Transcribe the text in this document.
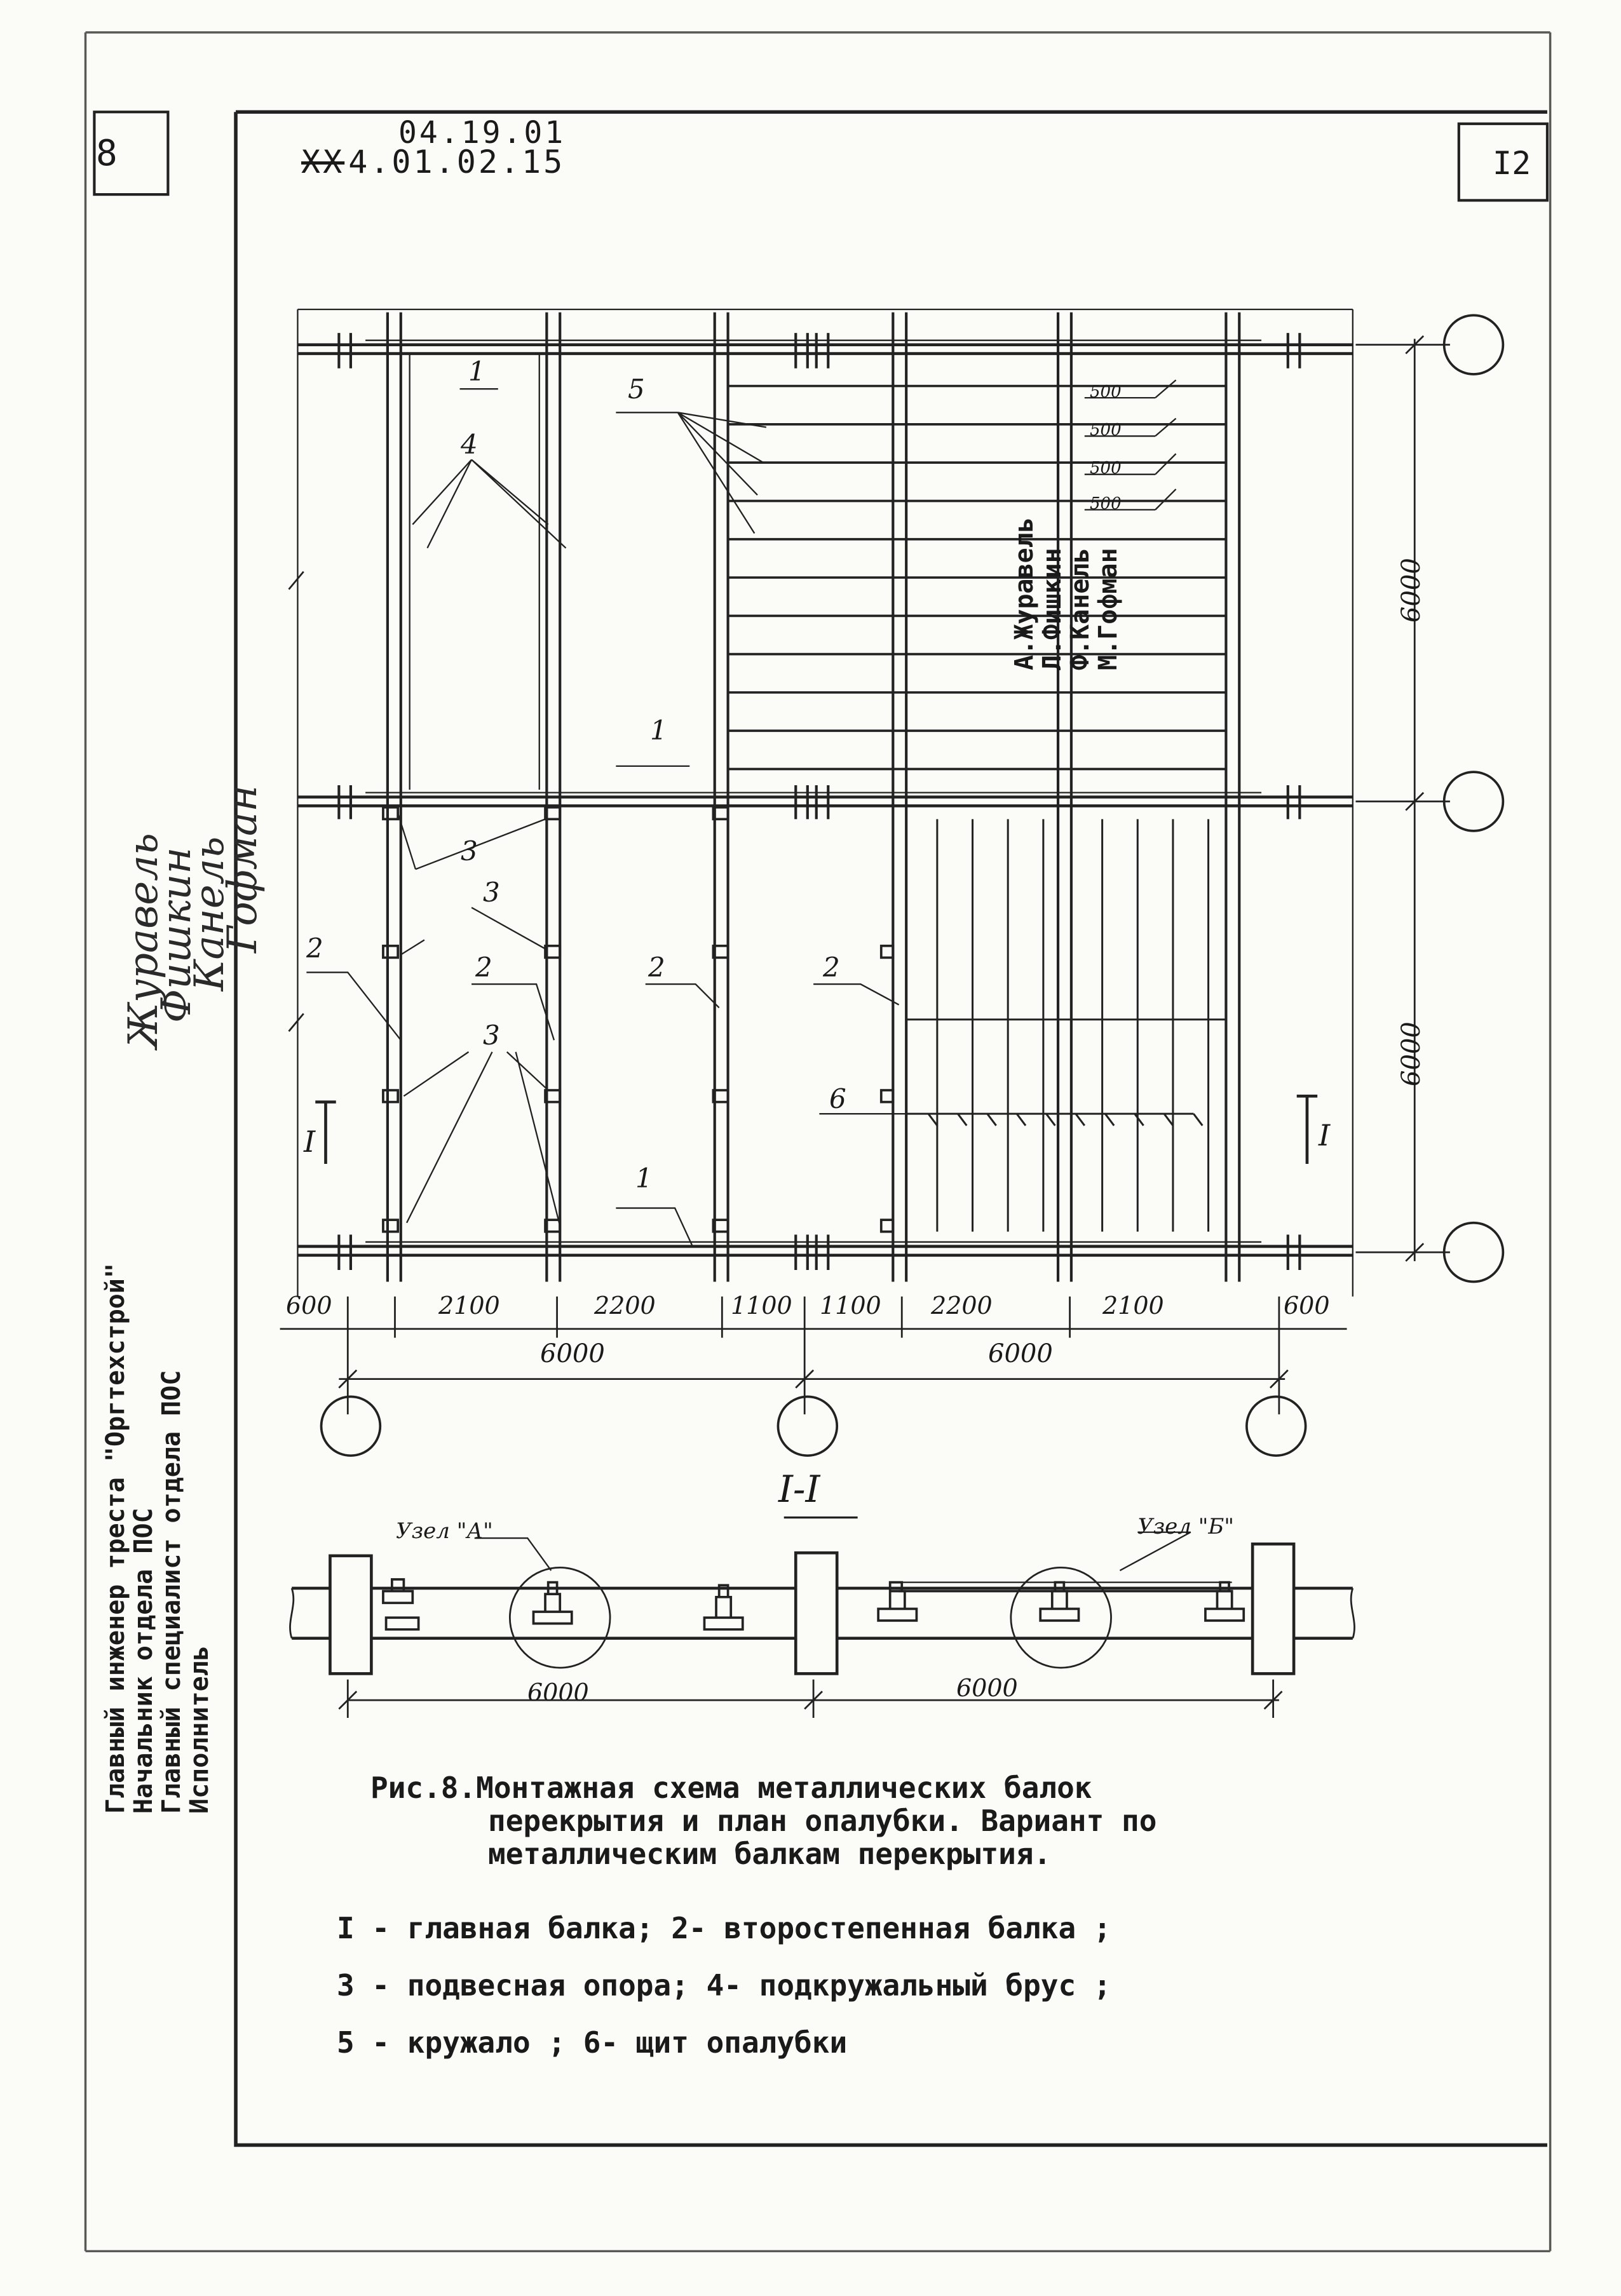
8	I2
04.19.01
XX 4.01.02.15
Главный инженер треста "Оргтехстрой"
Начальник отдела ПОС
Главный специалист отдела ПОС
Исполнитель
А.Журавель
Л.Фишкин
Ф.Канель
М.Гофман
Журавель
Фишкин
Канель
Гофман
1
1
1
4
5
3
3
3
2
2	2	2
6
500
500
500
500
6000
6000
600	2100	2200	1100 1100 2200	2100	600
6000	6000
I	I
I-I
Узел "А"	Узел "Б"
6000	6000
Рис.8.Монтажная схема металлических балок
перекрытия и план опалубки. Вариант по
металлическим балкам перекрытия.
I - главная балка; 2- второстепенная балка ;
3 - подвесная опора; 4- подкружальный брус ;
5 - кружало ; 6- щит опалубки
